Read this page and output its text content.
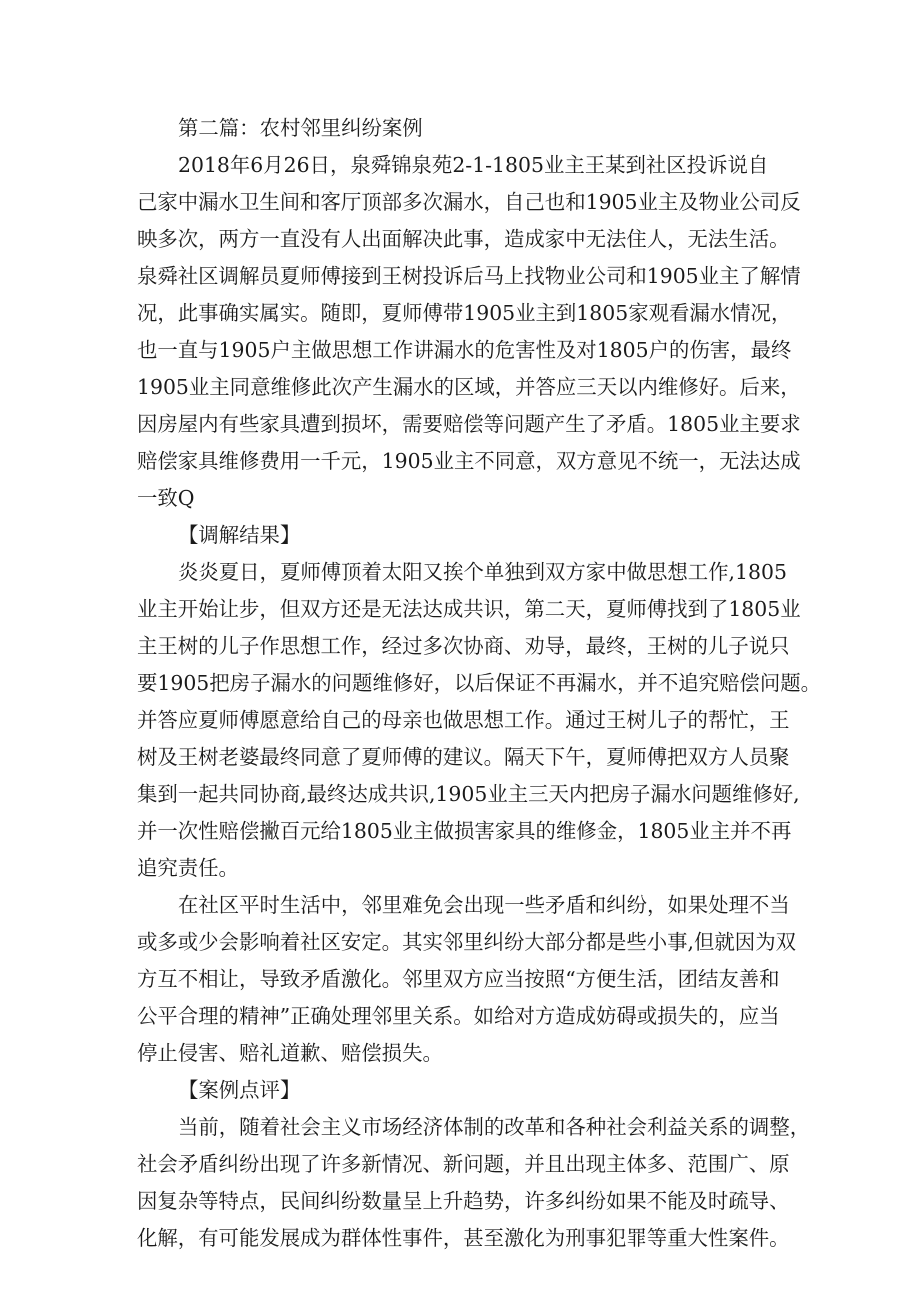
第二篇：农村邻里纠纷案例
2018年6月26日，泉舜锦泉苑2-1-1805业主王某到社区投诉说自
己家中漏水卫生间和客厅顶部多次漏水，自己也和1905业主及物业公司反
映多次，两方一直没有人出面解决此事，造成家中无法住人，无法生活。
泉舜社区调解员夏师傅接到王树投诉后马上找物业公司和1905业主了解情
况，此事确实属实。随即，夏师傅带1905业主到1805家观看漏水情况，
也一直与1905户主做思想工作讲漏水的危害性及对1805户的伤害，最终
1905业主同意维修此次产生漏水的区域，并答应三天以内维修好。后来，
因房屋内有些家具遭到损坏，需要赔偿等问题产生了矛盾。1805业主要求
赔偿家具维修费用一千元，1905业主不同意，双方意见不统一，无法达成
一致Q
【调解结果】
炎炎夏日，夏师傅顶着太阳又挨个单独到双方家中做思想工作,1805
业主开始让步，但双方还是无法达成共识，第二天，夏师傅找到了1805业
主王树的儿子作思想工作，经过多次协商、劝导，最终，王树的儿子说只
要1905把房子漏水的问题维修好，以后保证不再漏水，并不追究赔偿问题。
并答应夏师傅愿意给自己的母亲也做思想工作。通过王树儿子的帮忙，王
树及王树老婆最终同意了夏师傅的建议。隔天下午，夏师傅把双方人员聚
集到一起共同协商,最终达成共识,1905业主三天内把房子漏水问题维修好,
并一次性赔偿撇百元给1805业主做损害家具的维修金，1805业主并不再
追究责任。
在社区平时生活中，邻里难免会出现一些矛盾和纠纷，如果处理不当
或多或少会影响着社区安定。其实邻里纠纷大部分都是些小事,但就因为双
方互不相让，导致矛盾激化。邻里双方应当按照“方便生活，团结友善和
公平合理的精神”正确处理邻里关系。如给对方造成妨碍或损失的，应当
停止侵害、赔礼道歉、赔偿损失。
【案例点评】
当前，随着社会主义市场经济体制的改革和各种社会利益关系的调整，
社会矛盾纠纷出现了许多新情况、新问题，并且出现主体多、范围广、原
因复杂等特点，民间纠纷数量呈上升趋势，许多纠纷如果不能及时疏导、
化解，有可能发展成为群体性事件，甚至激化为刑事犯罪等重大性案件。
